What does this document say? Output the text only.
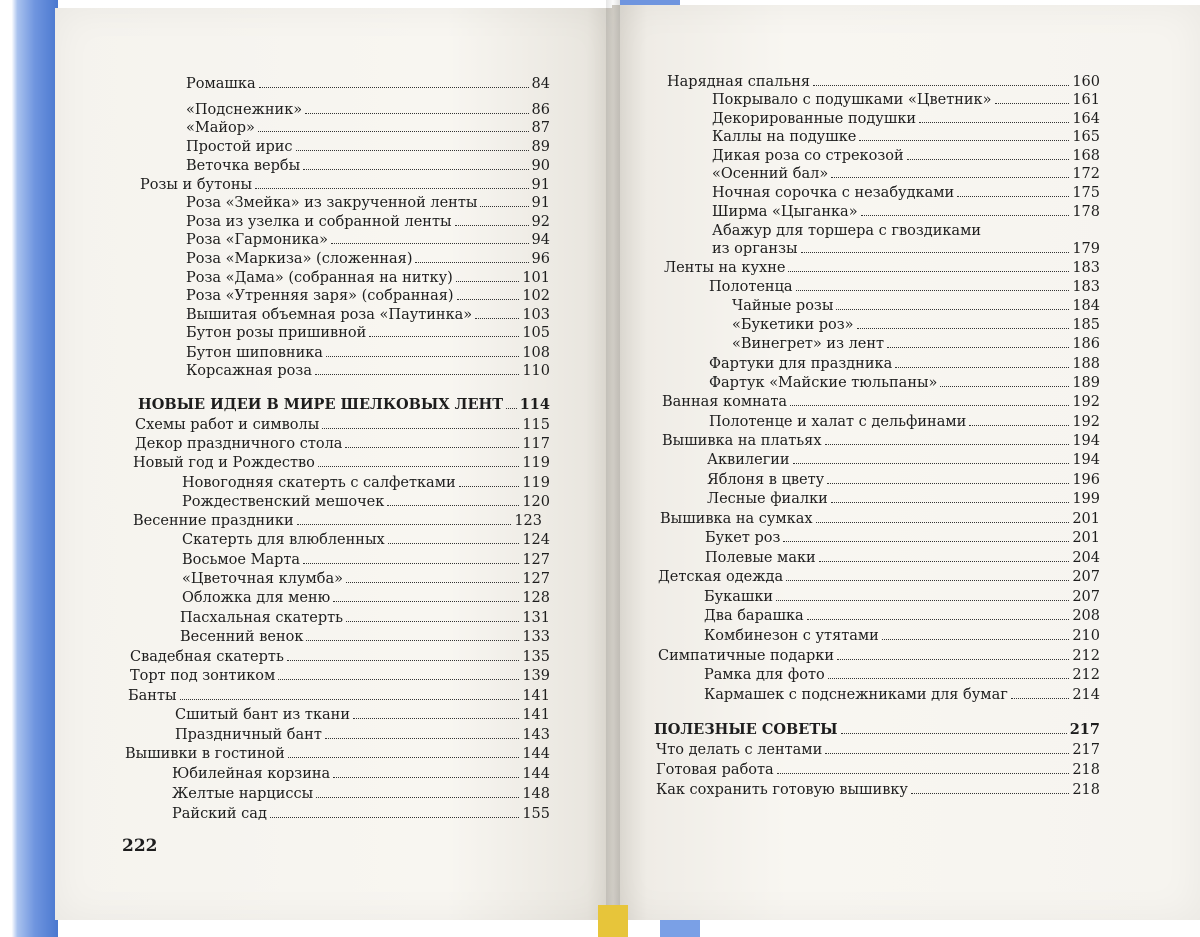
Ромашка	84
«Подснежник»	86
«Майор»	87
Простой ирис	89
Веточка вербы	90
Розы и бутоны	91
Роза «Змейка» из закрученной ленты	91
Роза из узелка и собранной ленты	92
Роза «Гармоника»	94
Роза «Маркиза» (сложенная)	96
Роза «Дама» (собранная на нитку)	101
Роза «Утренняя заря» (собранная)	102
Вышитая объемная роза «Паутинка»	103
Бутон розы пришивной	105
Бутон шиповника	108
Корсажная роза	110
НОВЫЕ ИДЕИ В МИРЕ ШЕЛКОВЫХ ЛЕНТ 114
Схемы работ и символы	115
Декор праздничного стола	117
Новый год и Рождество	119
Новогодняя скатерть с салфетками	119
Рождественский мешочек	120
Весенние праздники	123
Скатерть для влюбленных	124
Восьмое Марта	127
«Цветочная клумба»	127
Обложка для меню	128
Пасхальная скатерть	131
Весенний венок	133
Свадебная скатерть	135
Торт под зонтиком	139
Банты	141
Сшитый бант из ткани	141
Праздничный бант	143
Вышивки в гостиной	144
Юбилейная корзина	144
Желтые нарциссы	148
Райский сад	155
222
Нарядная спальня	160
Покрывало с подушками «Цветник»	161
Декорированные подушки	164
Каллы на подушке	165
Дикая роза со стрекозой	168
«Осенний бал»	172
Ночная сорочка с незабудками	175
Ширма «Цыганка»	178
Абажур для торшера с гвоздиками
из органзы	179
Ленты на кухне	183
Полотенца	183
Чайные розы	184
«Букетики роз»	185
«Винегрет» из лент	186
Фартуки для праздника	188
Фартук «Майские тюльпаны»	189
Ванная комната	192
Полотенце и халат с дельфинами	192
Вышивка на платьях	194
Аквилегии	194
Яблоня в цвету	196
Лесные фиалки	199
Вышивка на сумках	201
Букет роз	201
Полевые маки	204
Детская одежда	207
Букашки	207
Два барашка	208
Комбинезон с утятами	210
Симпатичные подарки	212
Рамка для фото	212
Кармашек с подснежниками для бумаг	214
ПОЛЕЗНЫЕ СОВЕТЫ	217
Что делать с лентами	217
Готовая работа	218
Как сохранить готовую вышивку	218
